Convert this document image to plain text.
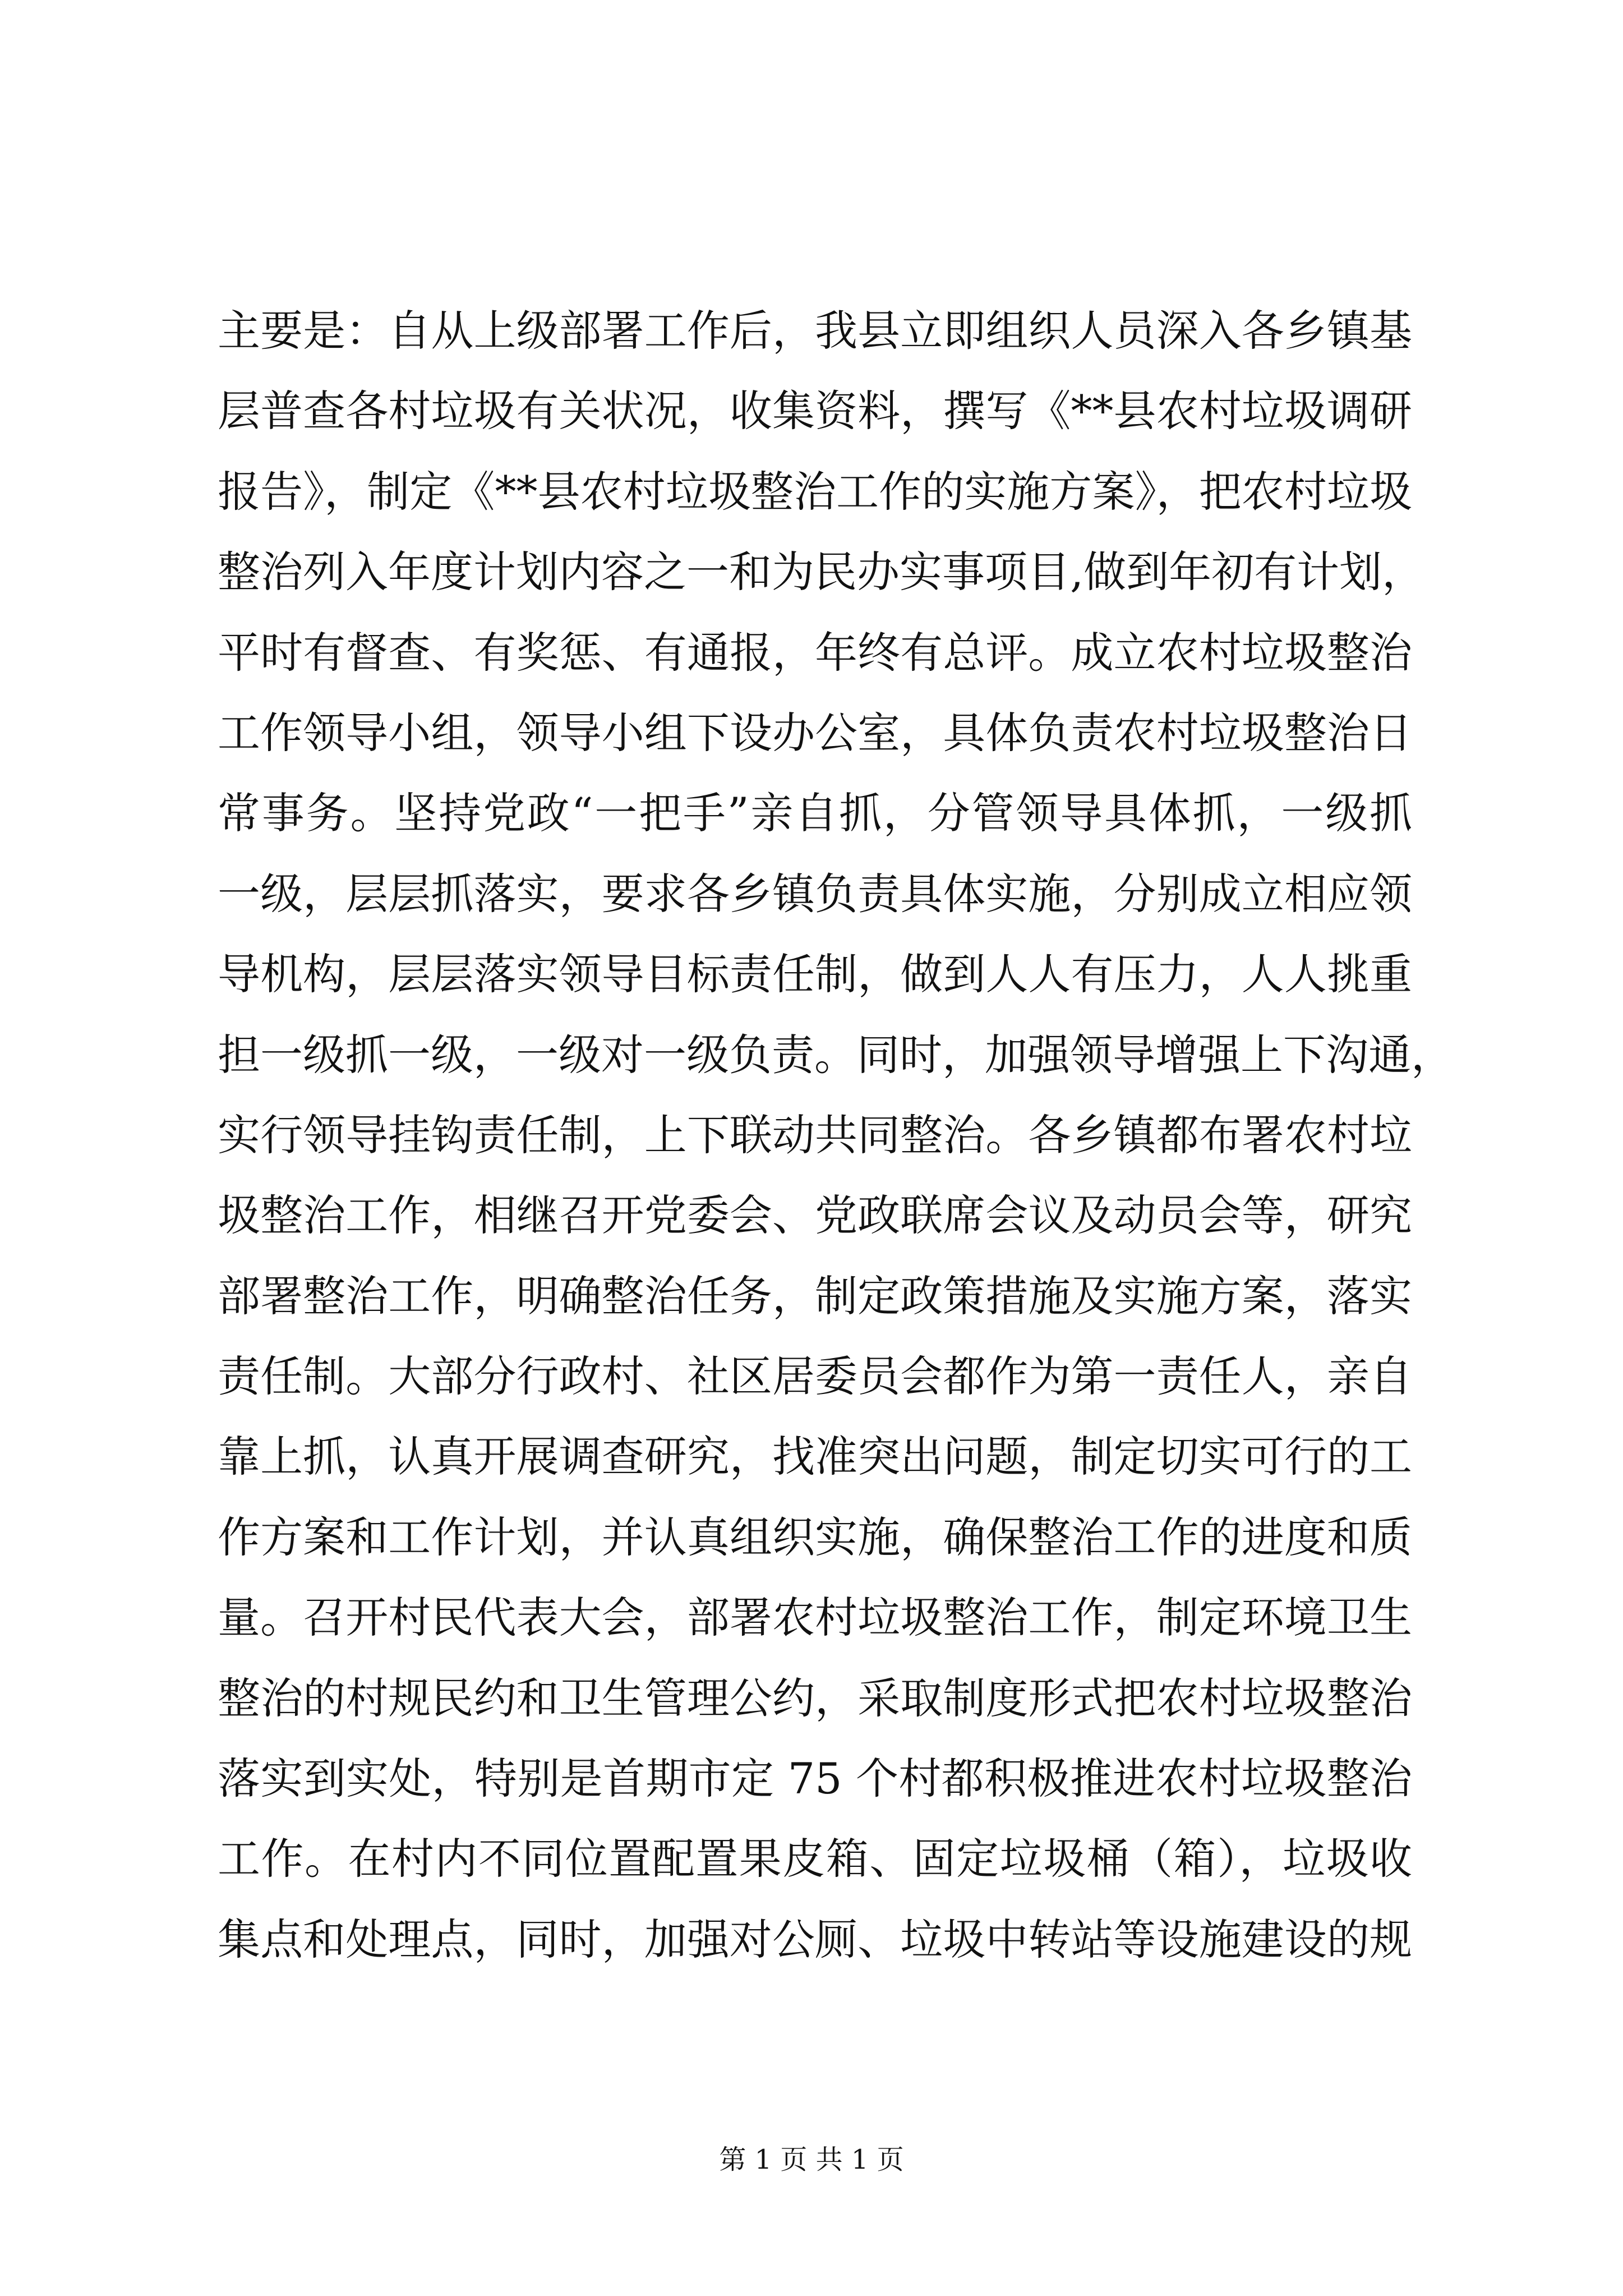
主要是：自从上级部署工作后，我县立即组织人员深入各乡镇基
层普查各村垃圾有关状况，收集资料，撰写《**县农村垃圾调研
报告》，制定《**县农村垃圾整治工作的实施方案》，把农村垃圾
整治列入年度计划内容之一和为民办实事项目,做到年初有计划，
平时有督查、有奖惩、有通报，年终有总评。成立农村垃圾整治
工作领导小组，领导小组下设办公室，具体负责农村垃圾整治日
常事务。坚持党政“一把手”亲自抓，分管领导具体抓，一级抓
一级，层层抓落实，要求各乡镇负责具体实施，分别成立相应领
导机构，层层落实领导目标责任制，做到人人有压力，人人挑重
担一级抓一级，一级对一级负责。同时，加强领导增强上下沟通，
实行领导挂钩责任制，上下联动共同整治。各乡镇都布署农村垃
圾整治工作，相继召开党委会、党政联席会议及动员会等，研究
部署整治工作，明确整治任务，制定政策措施及实施方案，落实
责任制。大部分行政村、社区居委员会都作为第一责任人，亲自
靠上抓，认真开展调查研究，找准突出问题，制定切实可行的工
作方案和工作计划，并认真组织实施，确保整治工作的进度和质
量。召开村民代表大会，部署农村垃圾整治工作，制定环境卫生
整治的村规民约和卫生管理公约，采取制度形式把农村垃圾整治
落实到实处，特别是首期市定 75 个村都积极推进农村垃圾整治
工作。在村内不同位置配置果皮箱、固定垃圾桶（箱），垃圾收
集点和处理点，同时，加强对公厕、垃圾中转站等设施建设的规
第 1 页 共 1 页
